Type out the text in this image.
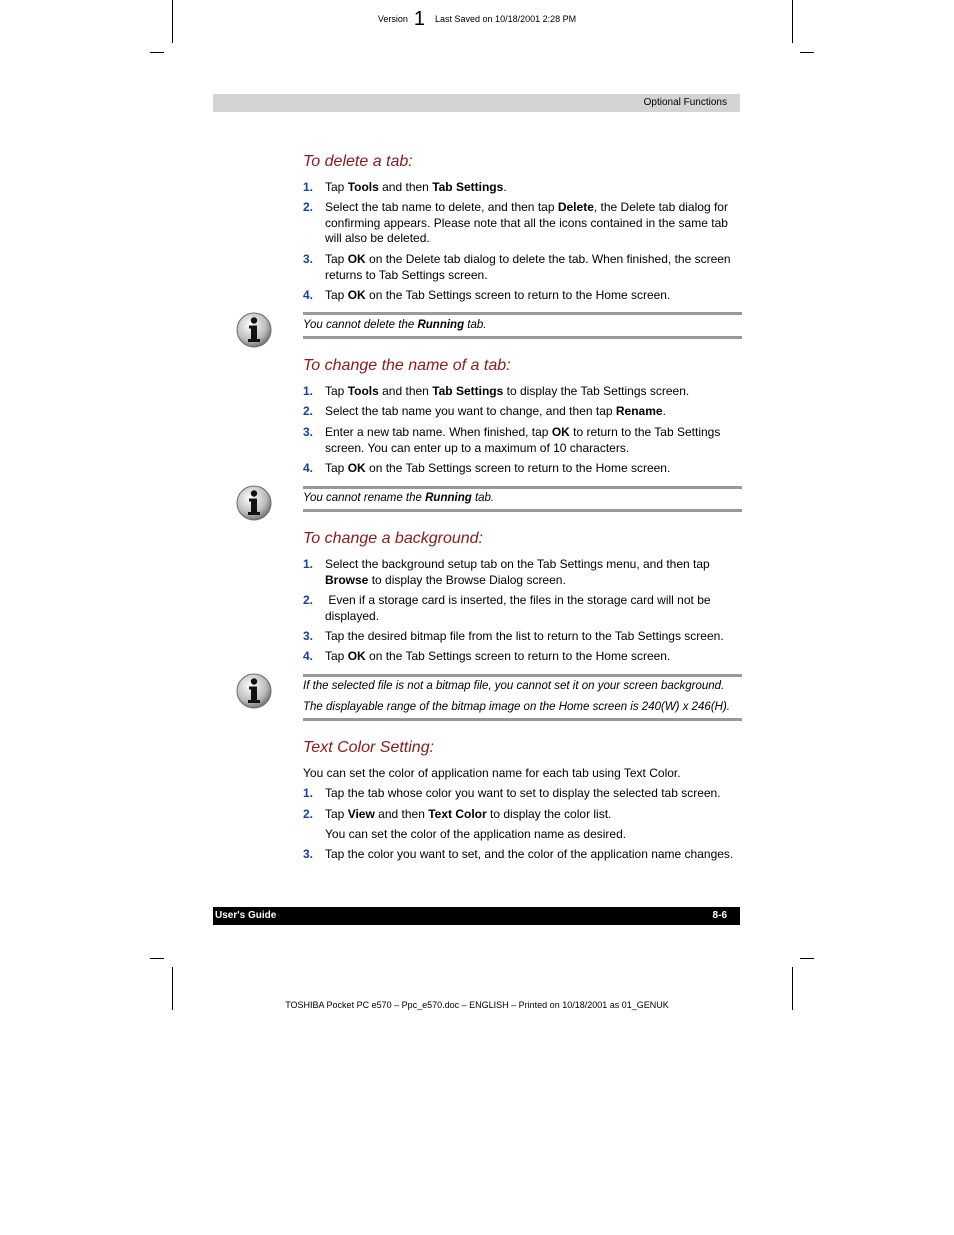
Version 1 Last Saved on 10/18/2001 2:28 PM
Optional Functions
To delete a tab:
1. Tap Tools and then Tab Settings.
2. Select the tab name to delete, and then tap Delete, the Delete tab dialog for confirming appears. Please note that all the icons contained in the same tab will also be deleted.
3. Tap OK on the Delete tab dialog to delete the tab. When finished, the screen returns to Tab Settings screen.
4. Tap OK on the Tab Settings screen to return to the Home screen.
You cannot delete the Running tab.
To change the name of a tab:
1. Tap Tools and then Tab Settings to display the Tab Settings screen.
2. Select the tab name you want to change, and then tap Rename.
3. Enter a new tab name. When finished, tap OK to return to the Tab Settings screen. You can enter up to a maximum of 10 characters.
4. Tap OK on the Tab Settings screen to return to the Home screen.
You cannot rename the Running tab.
To change a background:
1. Select the background setup tab on the Tab Settings menu, and then tap Browse to display the Browse Dialog screen.
2. Even if a storage card is inserted, the files in the storage card will not be displayed.
3. Tap the desired bitmap file from the list to return to the Tab Settings screen.
4. Tap OK on the Tab Settings screen to return to the Home screen.
If the selected file is not a bitmap file, you cannot set it on your screen background.
The displayable range of the bitmap image on the Home screen is 240(W) x 246(H).
Text Color Setting:
You can set the color of application name for each tab using Text Color.
1. Tap the tab whose color you want to set to display the selected tab screen.
2. Tap View and then Text Color to display the color list.
You can set the color of the application name as desired.
3. Tap the color you want to set, and the color of the application name changes.
User's Guide	8-6
TOSHIBA Pocket PC e570 – Ppc_e570.doc – ENGLISH – Printed on 10/18/2001 as 01_GENUK
